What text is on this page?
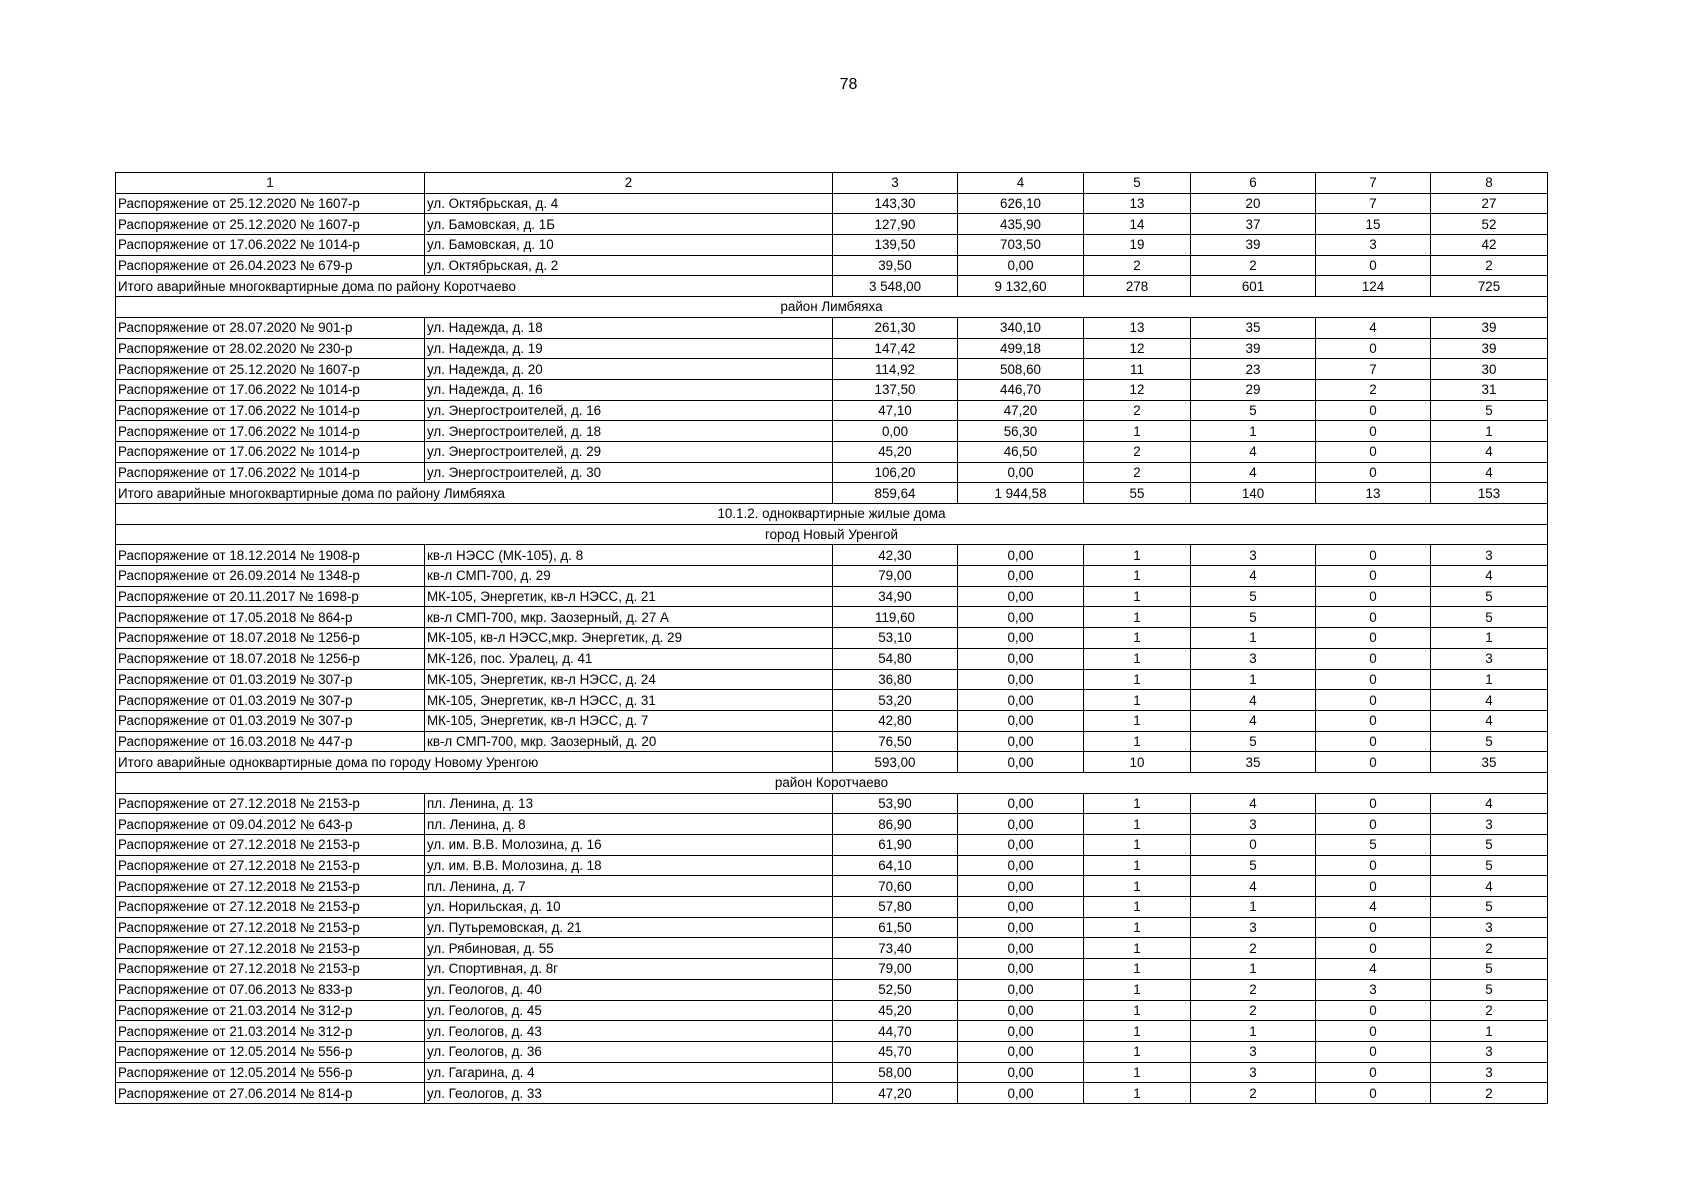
78
1	2	3	4	5	6	7	8
Распоряжение от 25.12.2020 № 1607-р	ул. Октябрьская, д. 4	143,30	626,10	13	20	7	27
Распоряжение от 25.12.2020 № 1607-р	ул. Бамовская, д. 1Б	127,90	435,90	14	37	15	52
Распоряжение от 17.06.2022 № 1014-р	ул. Бамовская, д. 10	139,50	703,50	19	39	3	42
Распоряжение от 26.04.2023 № 679-р	ул. Октябрьская, д. 2	39,50	0,00	2	2	0	2
Итого аварийные многоквартирные дома по району Коротчаево		3 548,00	9 132,60	278	601	124	725
район Лимбяяха							
Распоряжение от 28.07.2020 № 901-р	ул. Надежда, д. 18	261,30	340,10	13	35	4	39
Распоряжение от 28.02.2020 № 230-р	ул. Надежда, д. 19	147,42	499,18	12	39	0	39
Распоряжение от 25.12.2020 № 1607-р	ул. Надежда, д. 20	114,92	508,60	11	23	7	30
Распоряжение от 17.06.2022 № 1014-р	ул. Надежда, д. 16	137,50	446,70	12	29	2	31
Распоряжение от 17.06.2022 № 1014-р	ул. Энергостроителей, д. 16	47,10	47,20	2	5	0	5
Распоряжение от 17.06.2022 № 1014-р	ул. Энергостроителей, д. 18	0,00	56,30	1	1	0	1
Распоряжение от 17.06.2022 № 1014-р	ул. Энергостроителей, д. 29	45,20	46,50	2	4	0	4
Распоряжение от 17.06.2022 № 1014-р	ул. Энергостроителей, д. 30	106,20	0,00	2	4	0	4
Итого аварийные многоквартирные дома по району Лимбяяха		859,64	1 944,58	55	140	13	153
10.1.2. одноквартирные жилые дома							
город Новый Уренгой							
Распоряжение от 18.12.2014 № 1908-р	кв-л НЭСС (МК-105), д. 8	42,30	0,00	1	3	0	3
Распоряжение от 26.09.2014 № 1348-р	кв-л СМП-700, д. 29	79,00	0,00	1	4	0	4
Распоряжение от 20.11.2017 № 1698-р	МК-105, Энергетик, кв-л НЭСС, д. 21	34,90	0,00	1	5	0	5
Распоряжение от 17.05.2018 № 864-р	кв-л СМП-700, мкр. Заозерный, д. 27 А	119,60	0,00	1	5	0	5
Распоряжение от 18.07.2018 № 1256-р	МК-105, кв-л НЭСС,мкр. Энергетик, д. 29	53,10	0,00	1	1	0	1
Распоряжение от 18.07.2018 № 1256-р	МК-126, пос. Уралец, д. 41	54,80	0,00	1	3	0	3
Распоряжение от 01.03.2019 № 307-р	МК-105, Энергетик, кв-л НЭСС, д. 24	36,80	0,00	1	1	0	1
Распоряжение от 01.03.2019 № 307-р	МК-105, Энергетик, кв-л НЭСС, д. 31	53,20	0,00	1	4	0	4
Распоряжение от 01.03.2019 № 307-р	МК-105, Энергетик, кв-л НЭСС, д. 7	42,80	0,00	1	4	0	4
Распоряжение от 16.03.2018 № 447-р	кв-л СМП-700, мкр. Заозерный, д. 20	76,50	0,00	1	5	0	5
Итого аварийные одноквартирные дома по городу Новому Уренгою		593,00	0,00	10	35	0	35
район Коротчаево							
Распоряжение от 27.12.2018 № 2153-р	пл. Ленина, д. 13	53,90	0,00	1	4	0	4
Распоряжение от 09.04.2012 № 643-р	пл. Ленина, д. 8	86,90	0,00	1	3	0	3
Распоряжение от 27.12.2018 № 2153-р	ул. им. В.В. Молозина, д. 16	61,90	0,00	1	0	5	5
Распоряжение от 27.12.2018 № 2153-р	ул. им. В.В. Молозина, д. 18	64,10	0,00	1	5	0	5
Распоряжение от 27.12.2018 № 2153-р	пл. Ленина, д. 7	70,60	0,00	1	4	0	4
Распоряжение от 27.12.2018 № 2153-р	ул. Норильская, д. 10	57,80	0,00	1	1	4	5
Распоряжение от 27.12.2018 № 2153-р	ул. Путьремовская, д. 21	61,50	0,00	1	3	0	3
Распоряжение от 27.12.2018 № 2153-р	ул. Рябиновая, д. 55	73,40	0,00	1	2	0	2
Распоряжение от 27.12.2018 № 2153-р	ул. Спортивная, д. 8г	79,00	0,00	1	1	4	5
Распоряжение от 07.06.2013 № 833-р	ул. Геологов, д. 40	52,50	0,00	1	2	3	5
Распоряжение от 21.03.2014 № 312-р	ул. Геологов, д. 45	45,20	0,00	1	2	0	2
Распоряжение от 21.03.2014 № 312-р	ул. Геологов, д. 43	44,70	0,00	1	1	0	1
Распоряжение от 12.05.2014 № 556-р	ул. Геологов, д. 36	45,70	0,00	1	3	0	3
Распоряжение от 12.05.2014 № 556-р	ул. Гагарина, д. 4	58,00	0,00	1	3	0	3
Распоряжение от 27.06.2014 № 814-р	ул. Геологов, д. 33	47,20	0,00	1	2	0	2
